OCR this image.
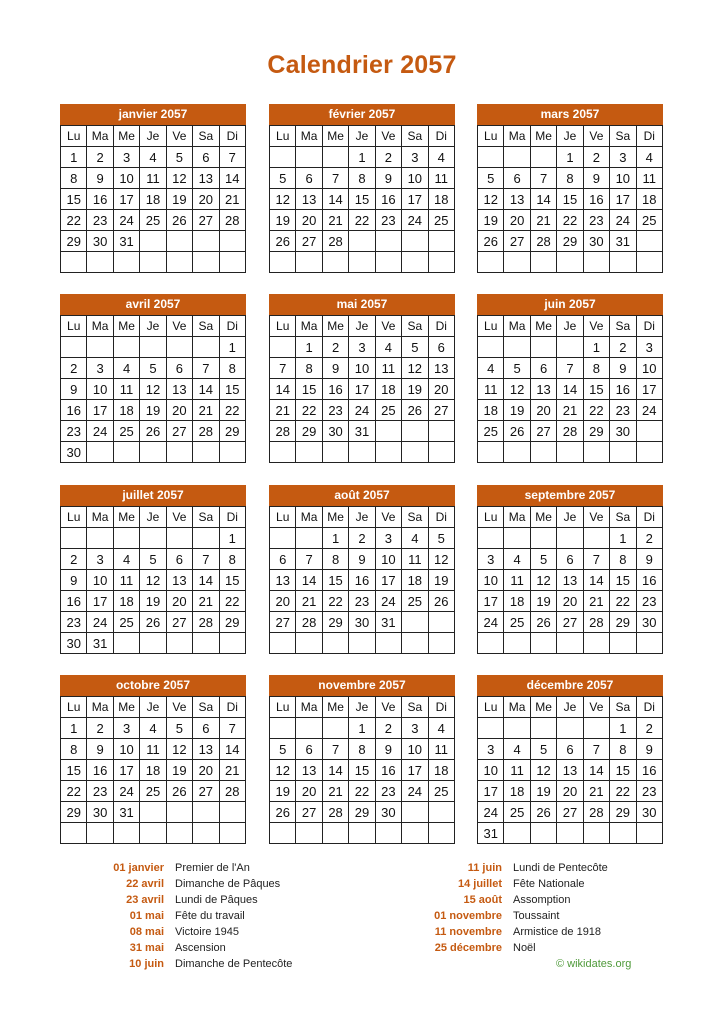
Calendrier 2057
janvier 2057
Lu	Ma	Me	Je	Ve	Sa	Di
1	2	3	4	5	6	7
8	9	10	11	12	13	14
15	16	17	18	19	20	21
22	23	24	25	26	27	28
29	30	31				

février 2057
Lu	Ma	Me	Je	Ve	Sa	Di
			1	2	3	4
5	6	7	8	9	10	11
12	13	14	15	16	17	18
19	20	21	22	23	24	25
26	27	28				

mars 2057
Lu	Ma	Me	Je	Ve	Sa	Di
			1	2	3	4
5	6	7	8	9	10	11
12	13	14	15	16	17	18
19	20	21	22	23	24	25
26	27	28	29	30	31	

avril 2057
Lu	Ma	Me	Je	Ve	Sa	Di
						1
2	3	4	5	6	7	8
9	10	11	12	13	14	15
16	17	18	19	20	21	22
23	24	25	26	27	28	29
30						
mai 2057
Lu	Ma	Me	Je	Ve	Sa	Di
	1	2	3	4	5	6
7	8	9	10	11	12	13
14	15	16	17	18	19	20
21	22	23	24	25	26	27
28	29	30	31			

juin 2057
Lu	Ma	Me	Je	Ve	Sa	Di
				1	2	3
4	5	6	7	8	9	10
11	12	13	14	15	16	17
18	19	20	21	22	23	24
25	26	27	28	29	30	

juillet 2057
Lu	Ma	Me	Je	Ve	Sa	Di
						1
2	3	4	5	6	7	8
9	10	11	12	13	14	15
16	17	18	19	20	21	22
23	24	25	26	27	28	29
30	31					
août 2057
Lu	Ma	Me	Je	Ve	Sa	Di
		1	2	3	4	5
6	7	8	9	10	11	12
13	14	15	16	17	18	19
20	21	22	23	24	25	26
27	28	29	30	31		

septembre 2057
Lu	Ma	Me	Je	Ve	Sa	Di
					1	2
3	4	5	6	7	8	9
10	11	12	13	14	15	16
17	18	19	20	21	22	23
24	25	26	27	28	29	30

octobre 2057
Lu	Ma	Me	Je	Ve	Sa	Di
1	2	3	4	5	6	7
8	9	10	11	12	13	14
15	16	17	18	19	20	21
22	23	24	25	26	27	28
29	30	31				

novembre 2057
Lu	Ma	Me	Je	Ve	Sa	Di
			1	2	3	4
5	6	7	8	9	10	11
12	13	14	15	16	17	18
19	20	21	22	23	24	25
26	27	28	29	30		

décembre 2057
Lu	Ma	Me	Je	Ve	Sa	Di
					1	2
3	4	5	6	7	8	9
10	11	12	13	14	15	16
17	18	19	20	21	22	23
24	25	26	27	28	29	30
31						
01 janvier	Premier de l'An
22 avril	Dimanche de Pâques
23 avril	Lundi de Pâques
01 mai	Fête du travail
08 mai	Victoire 1945
31 mai	Ascension
10 juin	Dimanche de Pentecôte
11 juin	Lundi de Pentecôte
14 juillet	Fête Nationale
15 août	Assomption
01 novembre	Toussaint
11 novembre	Armistice de 1918
25 décembre	Noël
© wikidates.org
